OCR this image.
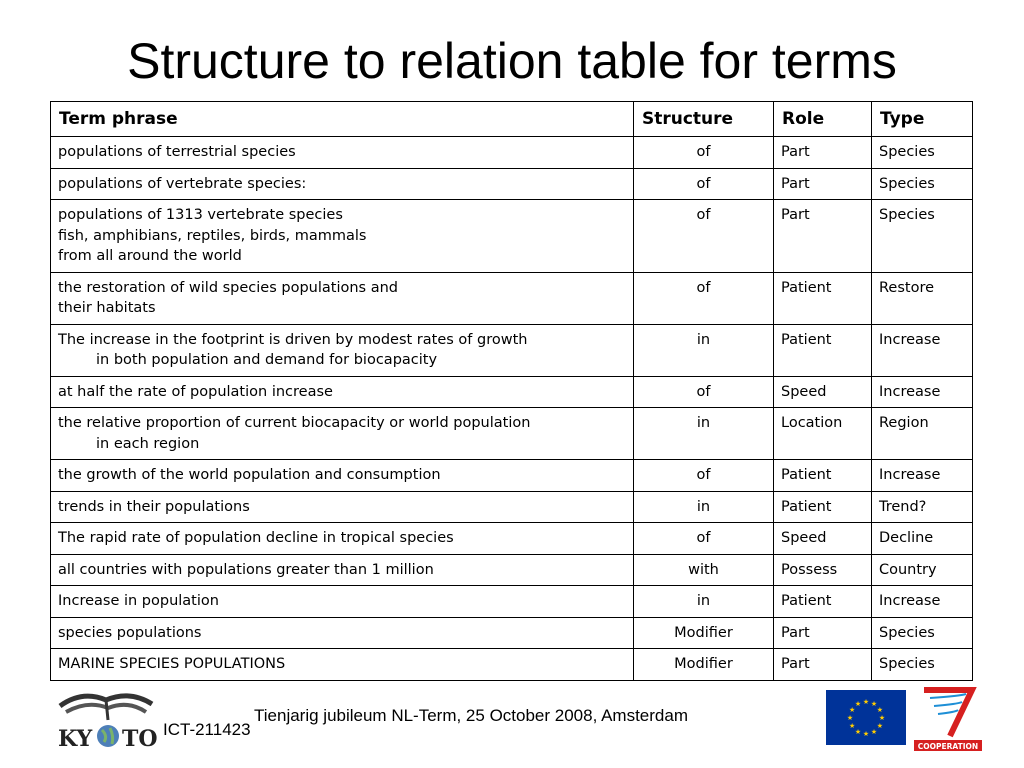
Structure to relation table for terms
Term phrase	Structure	Role	Type
populations of terrestrial species	of	Part	Species
populations of vertebrate species:	of	Part	Species
populations of 1313 vertebrate species
fish, amphibians, reptiles, birds, mammals
from all around the world	of	Part	Species
the restoration of wild species populations and
their habitats	of	Patient	Restore
The increase in the footprint is driven by modest rates of growth
in both population and demand for biocapacity	in	Patient	Increase
at half the rate of population increase	of	Speed	Increase
the relative proportion of current biocapacity or world population
in each region	in	Location	Region
the growth of the world population and consumption	of	Patient	Increase
trends in their populations	in	Patient	Trend?
The rapid rate of population decline in tropical species	of	Speed	Decline
all countries with populations greater than 1 million	with	Possess	Country
Increase in population	in	Patient	Increase
species populations	Modifier	Part	Species
MARINE SPECIES POPULATIONS	Modifier	Part	Species
KY TO ICT-211423
Tienjarig jubileum NL-Term, 25 October 2008, Amsterdam	★
★
★
★
★
★
★
★
★ ★ ★
★
COOPERATION
